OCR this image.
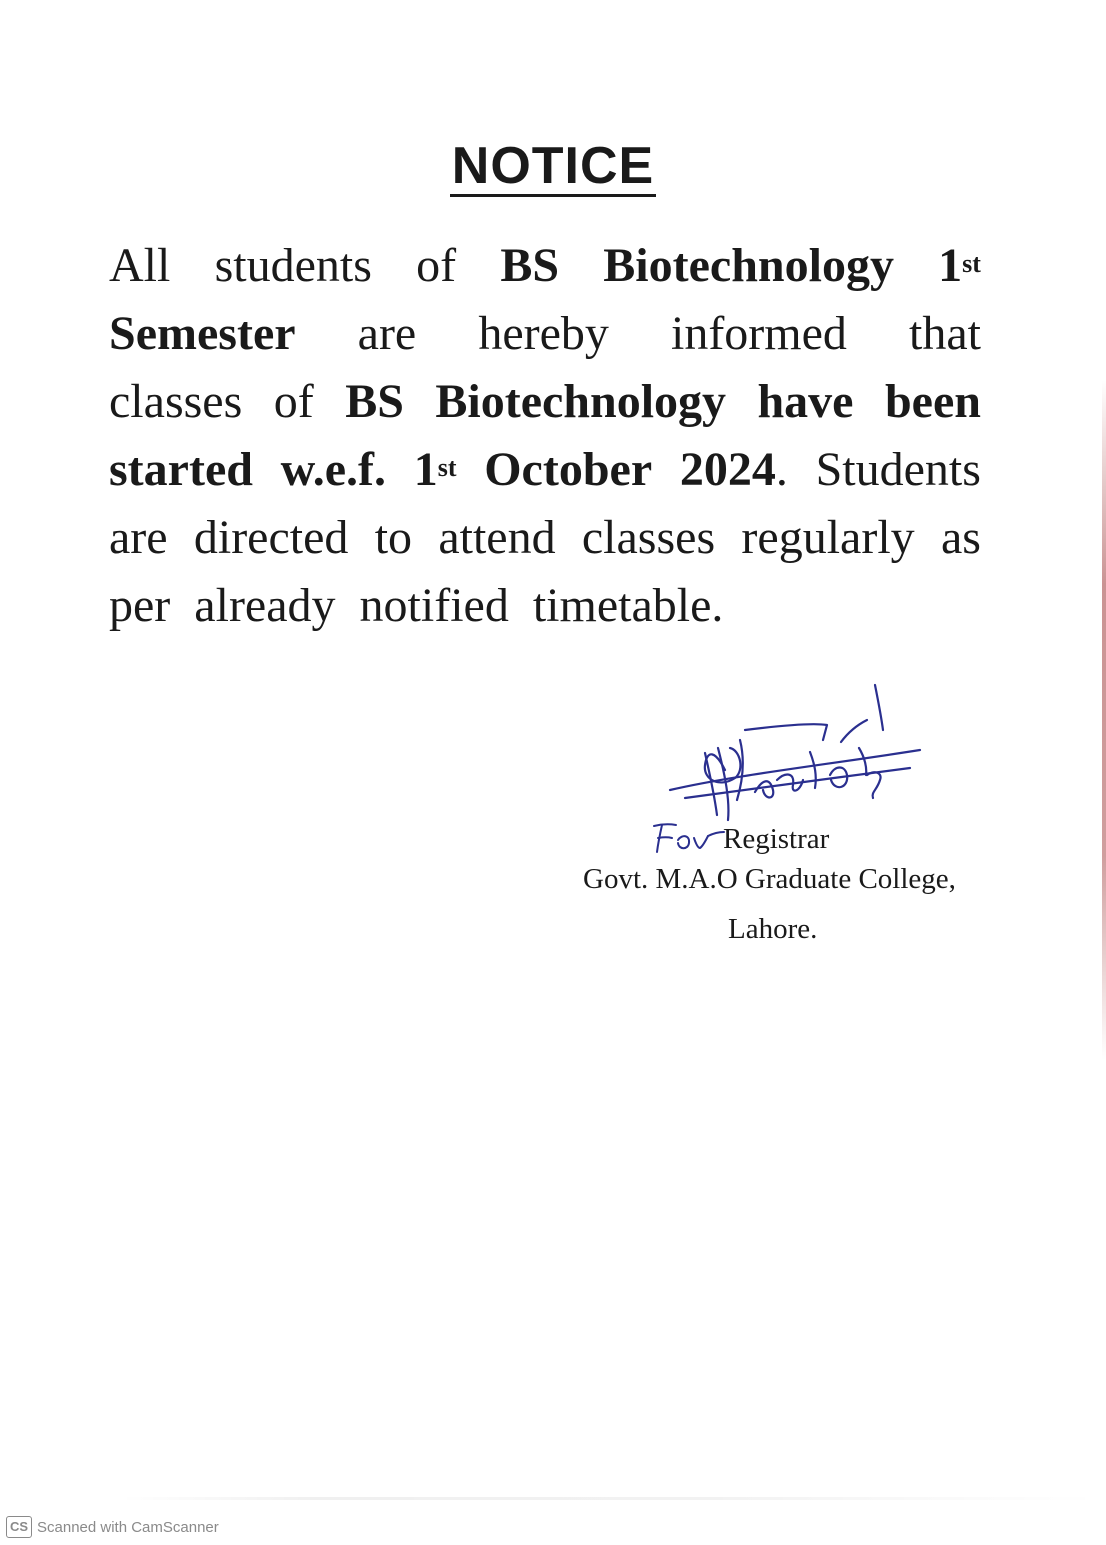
NOTICE
All students of BS Biotechnology 1st
Semester are hereby informed that
classes of BS Biotechnology have been
started w.e.f. 1st October 2024. Students
are directed to attend classes regularly as
per already notified timetable.
Registrar
Govt. M.A.O Graduate College,
Lahore.
CS Scanned with CamScanner
